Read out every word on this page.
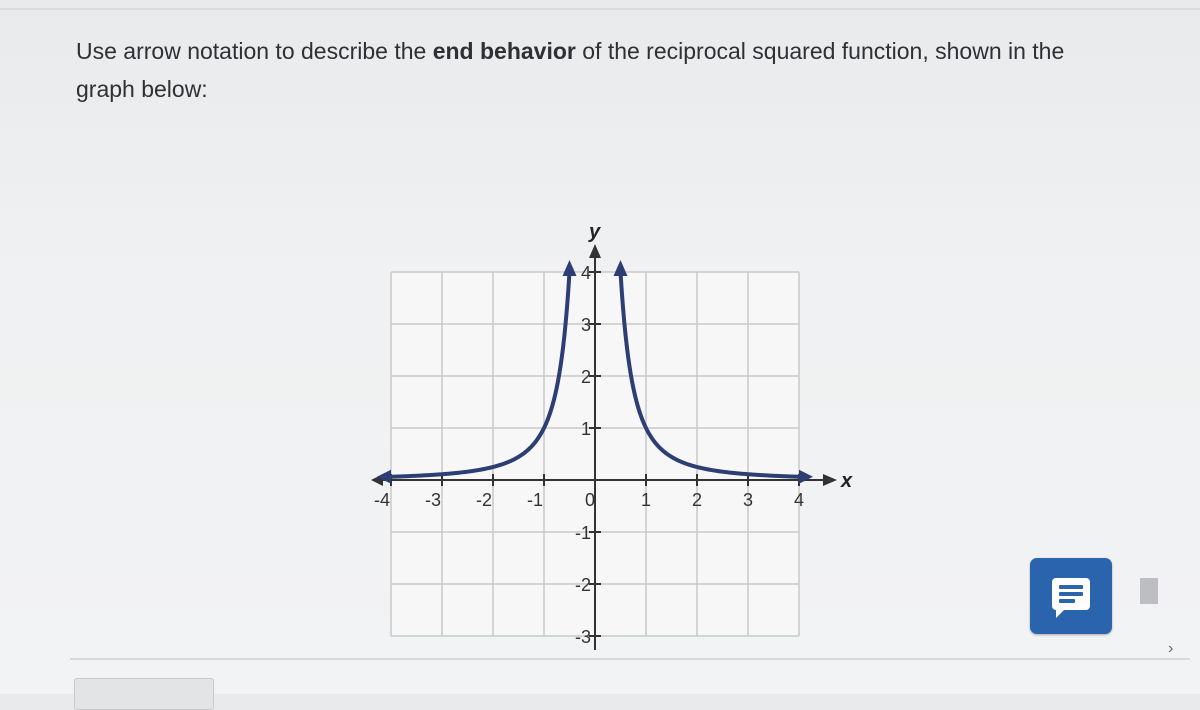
Use arrow notation to describe the end behavior of the reciprocal squared function, shown in the graph below:
-4 -3 -2 -1 0	1 2 3 4
4
3
2
1
-1
-2
-3
x
y
›
